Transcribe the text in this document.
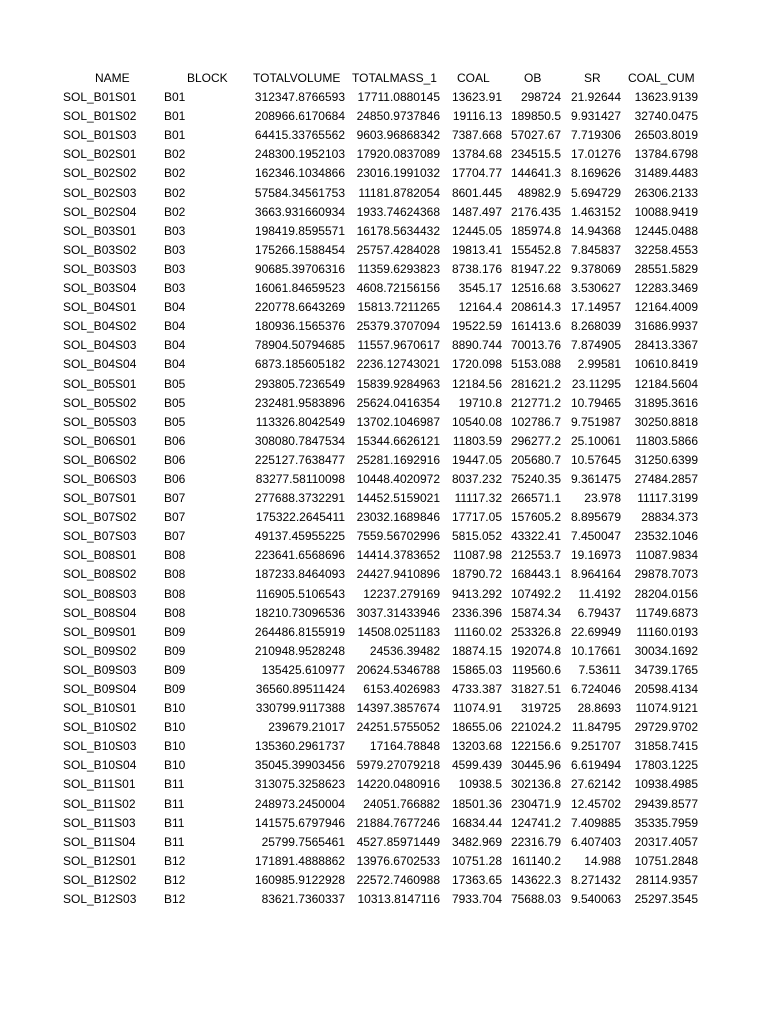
NAME	BLOCK	TOTALVOLUME TOTALMASS_1 COAL	OB	SR COAL_CUM
SOL_B01S01	B01	312347.8766593 17711.0880145 13623.91 298724 21.92644 13623.9139
SOL_B01S02	B01	208966.6170684 24850.9737846 19116.13 189850.5 9.931427 32740.0475
SOL_B01S03	B01	64415.33765562 9603.96868342 7387.668 57027.67 7.719306 26503.8019
SOL_B02S01	B02	248300.1952103 17920.0837089 13784.68 234515.5 17.01276 13784.6798
SOL_B02S02	B02	162346.1034866 23016.1991032 17704.77 144641.3 8.169626 31489.4483
SOL_B02S03	B02	57584.34561753 11181.8782054 8601.445 48982.9 5.694729 26306.2133
SOL_B02S04	B02	3663.931660934 1933.74624368 1487.497 2176.435 1.463152 10088.9419
SOL_B03S01	B03	198419.8595571 16178.5634432 12445.05 185974.8 14.94368 12445.0488
SOL_B03S02	B03	175266.1588454 25757.4284028 19813.41 155452.8 7.845837 32258.4553
SOL_B03S03	B03	90685.39706316 11359.6293823 8738.176 81947.22 9.378069 28551.5829
SOL_B03S04	B03	16061.84659523 4608.72156156 3545.17 12516.68 3.530627 12283.3469
SOL_B04S01	B04	220778.6643269 15813.7211265 12164.4 208614.3 17.14957 12164.4009
SOL_B04S02	B04	180936.1565376 25379.3707094 19522.59 161413.6 8.268039 31686.9937
SOL_B04S03	B04	78904.50794685 11557.9670617 8890.744 70013.76 7.874905 28413.3367
SOL_B04S04	B04	6873.185605182 2236.12743021 1720.098 5153.088 2.99581 10610.8419
SOL_B05S01	B05	293805.7236549 15839.9284963 12184.56 281621.2 23.11295 12184.5604
SOL_B05S02	B05	232481.9583896 25624.0416354 19710.8 212771.2 10.79465 31895.3616
SOL_B05S03	B05	113326.8042549 13702.1046987 10540.08 102786.7 9.751987 30250.8818
SOL_B06S01	B06	308080.7847534 15344.6626121 11803.59 296277.2 25.10061 11803.5866
SOL_B06S02	B06	225127.7638477 25281.1692916 19447.05 205680.7 10.57645 31250.6399
SOL_B06S03	B06	83277.58110098 10448.4020972 8037.232 75240.35 9.361475 27484.2857
SOL_B07S01	B07	277688.3732291 14452.5159021 11117.32 266571.1 23.978 11117.3199
SOL_B07S02	B07	175322.2645411 23032.1689846 17717.05 157605.2 8.895679 28834.373
SOL_B07S03	B07	49137.45955225 7559.56702996 5815.052 43322.41 7.450047 23532.1046
SOL_B08S01	B08	223641.6568696 14414.3783652 11087.98 212553.7 19.16973 11087.9834
SOL_B08S02	B08	187233.8464093 24427.9410896 18790.72 168443.1 8.964164 29878.7073
SOL_B08S03	B08	116905.5106543 12237.279169 9413.292 107492.2 11.4192 28204.0156
SOL_B08S04	B08	18210.73096536 3037.31433946 2336.396 15874.34 6.79437 11749.6873
SOL_B09S01	B09	264486.8155919 14508.0251183 11160.02 253326.8 22.69949 11160.0193
SOL_B09S02	B09	210948.9528248 24536.39482 18874.15 192074.8 10.17661 30034.1692
SOL_B09S03	B09	135425.610977 20624.5346788 15865.03 119560.6 7.53611 34739.1765
SOL_B09S04	B09	36560.89511424 6153.4026983 4733.387 31827.51 6.724046 20598.4134
SOL_B10S01	B10	330799.9117388 14397.3857674 11074.91 319725 28.8693 11074.9121
SOL_B10S02	B10	239679.21017 24251.5755052 18655.06 221024.2 11.84795 29729.9702
SOL_B10S03	B10	135360.2961737 17164.78848 13203.68 122156.6 9.251707 31858.7415
SOL_B10S04	B10	35045.39903456 5979.27079218 4599.439 30445.96 6.619494 17803.1225
SOL_B11S01	B11	313075.3258623 14220.0480916 10938.5 302136.8 27.62142 10938.4985
SOL_B11S02	B11	248973.2450004 24051.766882 18501.36 230471.9 12.45702 29439.8577
SOL_B11S03	B11	141575.6797946 21884.7677246 16834.44 124741.2 7.409885 35335.7959
SOL_B11S04	B11	25799.7565461 4527.85971449 3482.969 22316.79 6.407403 20317.4057
SOL_B12S01	B12	171891.4888862 13976.6702533 10751.28 161140.2 14.988 10751.2848
SOL_B12S02	B12	160985.9122928 22572.7460988 17363.65 143622.3 8.271432 28114.9357
SOL_B12S03	B12	83621.7360337 10313.8147116 7933.704 75688.03 9.540063 25297.3545
